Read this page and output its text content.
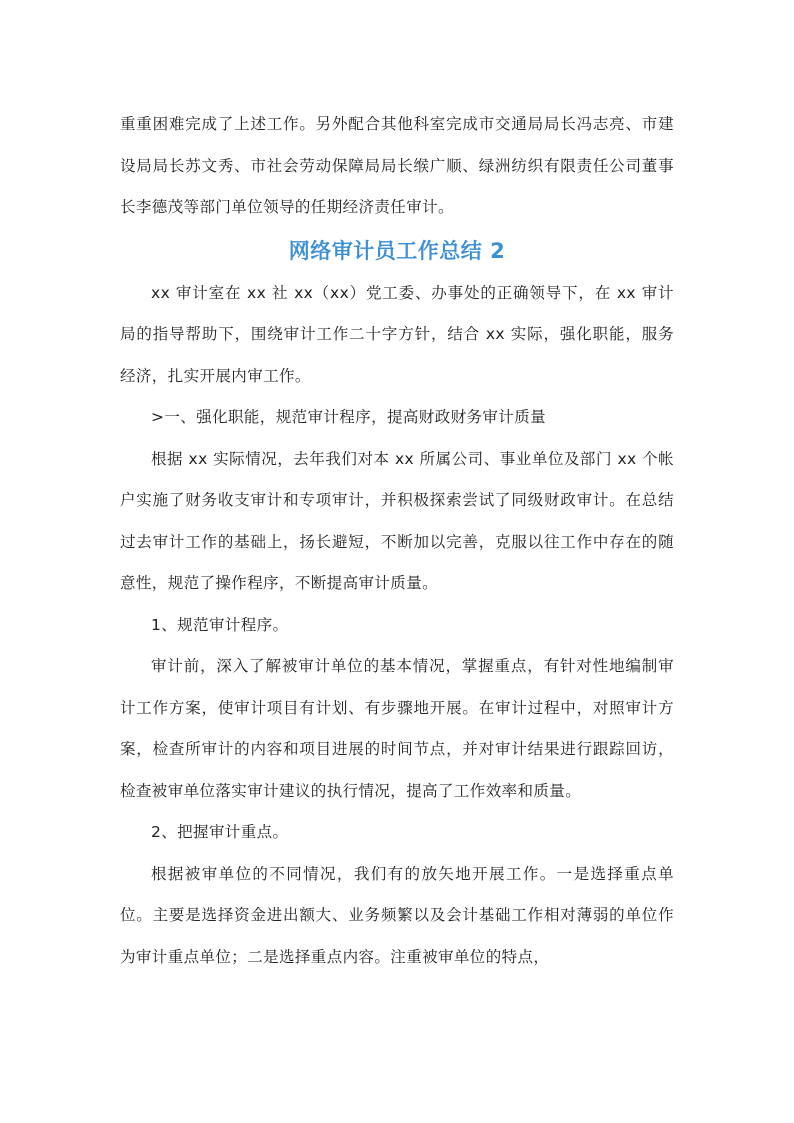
重重困难完成了上述工作。另外配合其他科室完成市交通局局长冯志亮、市建设局局长苏文秀、市社会劳动保障局局长缑广顺、绿洲纺织有限责任公司董事长李德茂等部门单位领导的任期经济责任审计。

网络审计员工作总结 2

xx 审计室在 xx 社 xx（xx）党工委、办事处的正确领导下，在 xx 审计局的指导帮助下，围绕审计工作二十字方针，结合 xx 实际，强化职能，服务经济，扎实开展内审工作。

>一、强化职能，规范审计程序，提高财政财务审计质量

根据 xx 实际情况，去年我们对本 xx 所属公司、事业单位及部门 xx 个帐户实施了财务收支审计和专项审计，并积极探索尝试了同级财政审计。在总结过去审计工作的基础上，扬长避短，不断加以完善，克服以往工作中存在的随意性，规范了操作程序，不断提高审计质量。

1、规范审计程序。

审计前，深入了解被审计单位的基本情况，掌握重点，有针对性地编制审计工作方案，使审计项目有计划、有步骤地开展。在审计过程中，对照审计方案，检查所审计的内容和项目进展的时间节点，并对审计结果进行跟踪回访，检查被审单位落实审计建议的执行情况，提高了工作效率和质量。

2、把握审计重点。

根据被审单位的不同情况，我们有的放矢地开展工作。一是选择重点单位。主要是选择资金进出额大、业务频繁以及会计基础工作相对薄弱的单位作为审计重点单位；二是选择重点内容。注重被审单位的特点，
